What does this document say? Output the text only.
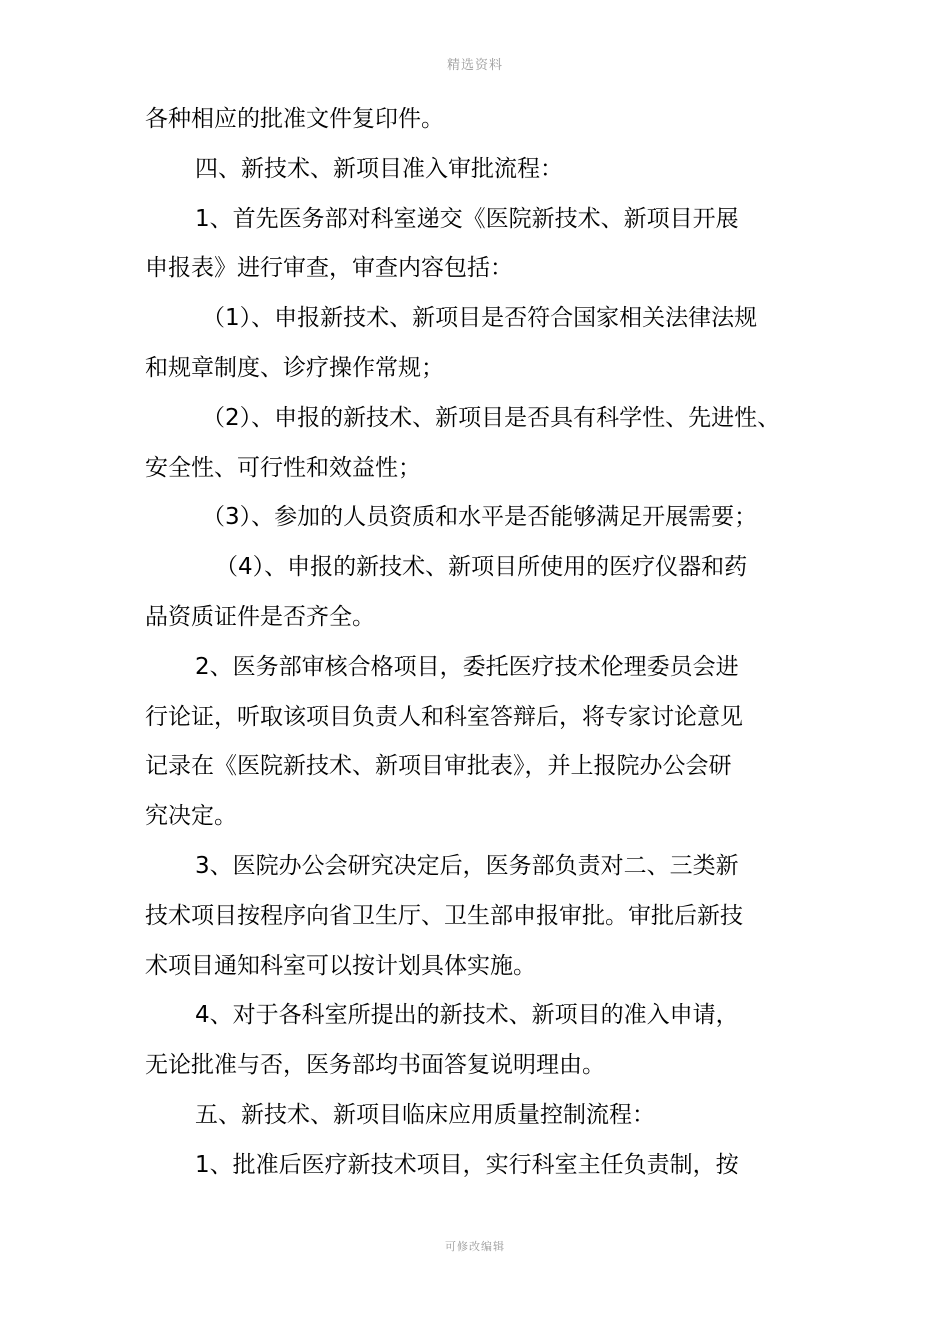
精选资料
各种相应的批准文件复印件。
四、新技术、新项目准入审批流程：
1、首先医务部对科室递交《医院新技术、新项目开展
申报表》进行审查，审查内容包括：
（1）、申报新技术、新项目是否符合国家相关法律法规
和规章制度、诊疗操作常规；
（2）、申报的新技术、新项目是否具有科学性、先进性、
安全性、可行性和效益性；
（3）、参加的人员资质和水平是否能够满足开展需要；
（4）、申报的新技术、新项目所使用的医疗仪器和药
品资质证件是否齐全。
2、医务部审核合格项目，委托医疗技术伦理委员会进
行论证，听取该项目负责人和科室答辩后，将专家讨论意见
记录在《医院新技术、新项目审批表》，并上报院办公会研
究决定。
3、医院办公会研究决定后，医务部负责对二、三类新
技术项目按程序向省卫生厅、卫生部申报审批。审批后新技
术项目通知科室可以按计划具体实施。
4、对于各科室所提出的新技术、新项目的准入申请，
无论批准与否，医务部均书面答复说明理由。
五、新技术、新项目临床应用质量控制流程：
1、批准后医疗新技术项目，实行科室主任负责制，按
可修改编辑
